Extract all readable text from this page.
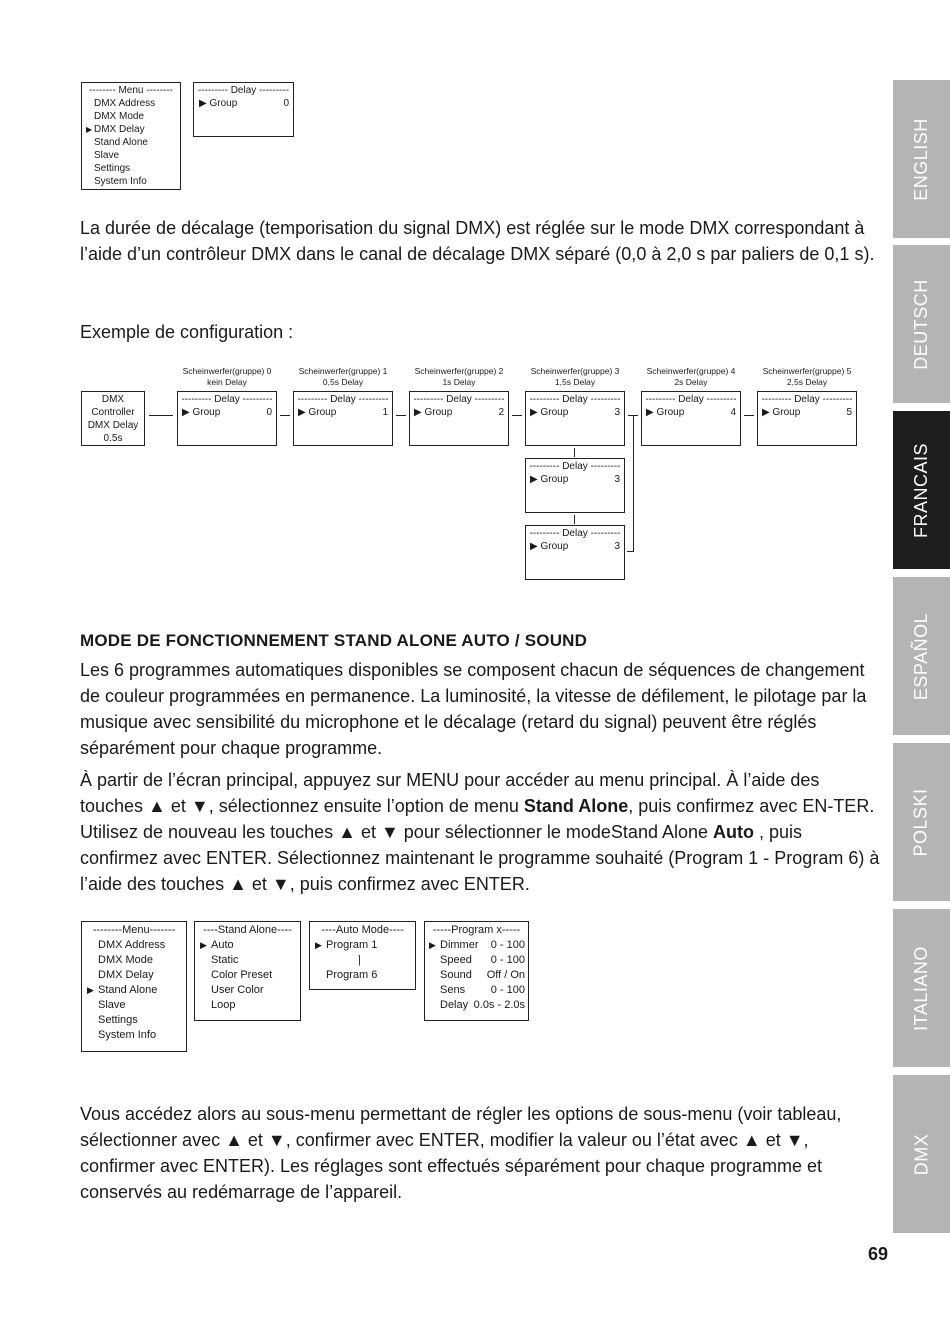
-------- Menu --------
DMX Address
DMX Mode
▶ DMX Delay
Stand Alone
Slave
Settings
System Info
--------- Delay ---------
▶ Group	0
La durée de décalage (temporisation du signal DMX) est réglée sur le mode DMX correspondant à l’aide d’un contrôleur DMX dans le canal de décalage DMX séparé (0,0 à 2,0 s par paliers de 0,1 s).
Exemple de configuration :
DMX
Controller
DMX Delay
0.5s
Scheinwerfer(gruppe) 0
kein Delay
Scheinwerfer(gruppe) 1
0,5s Delay
Scheinwerfer(gruppe) 2
1s Delay
Scheinwerfer(gruppe) 3
1,5s Delay
Scheinwerfer(gruppe) 4
2s Delay
Scheinwerfer(gruppe) 5
2,5s Delay
--------- Delay ---------
▶ Group	0
--------- Delay ---------
▶ Group	1
--------- Delay ---------
▶ Group	2
--------- Delay ---------
▶ Group	3
--------- Delay ---------
▶ Group	4
--------- Delay ---------
▶ Group	5
--------- Delay ---------
▶ Group	3
--------- Delay ---------
▶ Group	3
MODE DE FONCTIONNEMENT STAND ALONE AUTO / SOUND
Les 6 programmes automatiques disponibles se composent chacun de séquences de changement de couleur programmées en permanence. La luminosité, la vitesse de défilement, le pilotage par la musique avec sensibilité du microphone et le décalage (retard du signal) peuvent être réglés séparément pour chaque programme.
À partir de l’écran principal, appuyez sur MENU pour accéder au menu principal. À l’aide des touches ▲ et ▼, sélectionnez ensuite l’option de menu Stand Alone, puis confirmez avec EN-TER. Utilisez de nouveau les touches ▲ et ▼ pour sélectionner le modeStand Alone Auto , puis confirmez avec ENTER. Sélectionnez maintenant le programme souhaité (Program 1 - Program 6) à l’aide des touches ▲ et ▼, puis confirmez avec ENTER.
--------Menu-------
DMX Address
DMX Mode
DMX Delay
▶ Stand Alone
Slave
Settings
System Info
----Stand Alone----
▶ Auto
Static
Color Preset
User Color
Loop
----Auto Mode----
▶ Program 1
|
Program 6
-----Program x-----
▶ Dimmer 0 - 100
Speed 0 - 100
Sound Off / On
Sens 0 - 100
Delay 0.0s - 2.0s
Vous accédez alors au sous-menu permettant de régler les options de sous-menu (voir tableau, sélectionner avec ▲ et ▼, confirmer avec ENTER, modifier la valeur ou l’état avec ▲ et ▼, confirmer avec ENTER). Les réglages sont effectués séparément pour chaque programme et conservés au redémarrage de l’appareil.
ENGLISH
DEUTSCH
FRANCAIS
ESPAÑOL
POLSKI
ITALIANO
DMX
69
